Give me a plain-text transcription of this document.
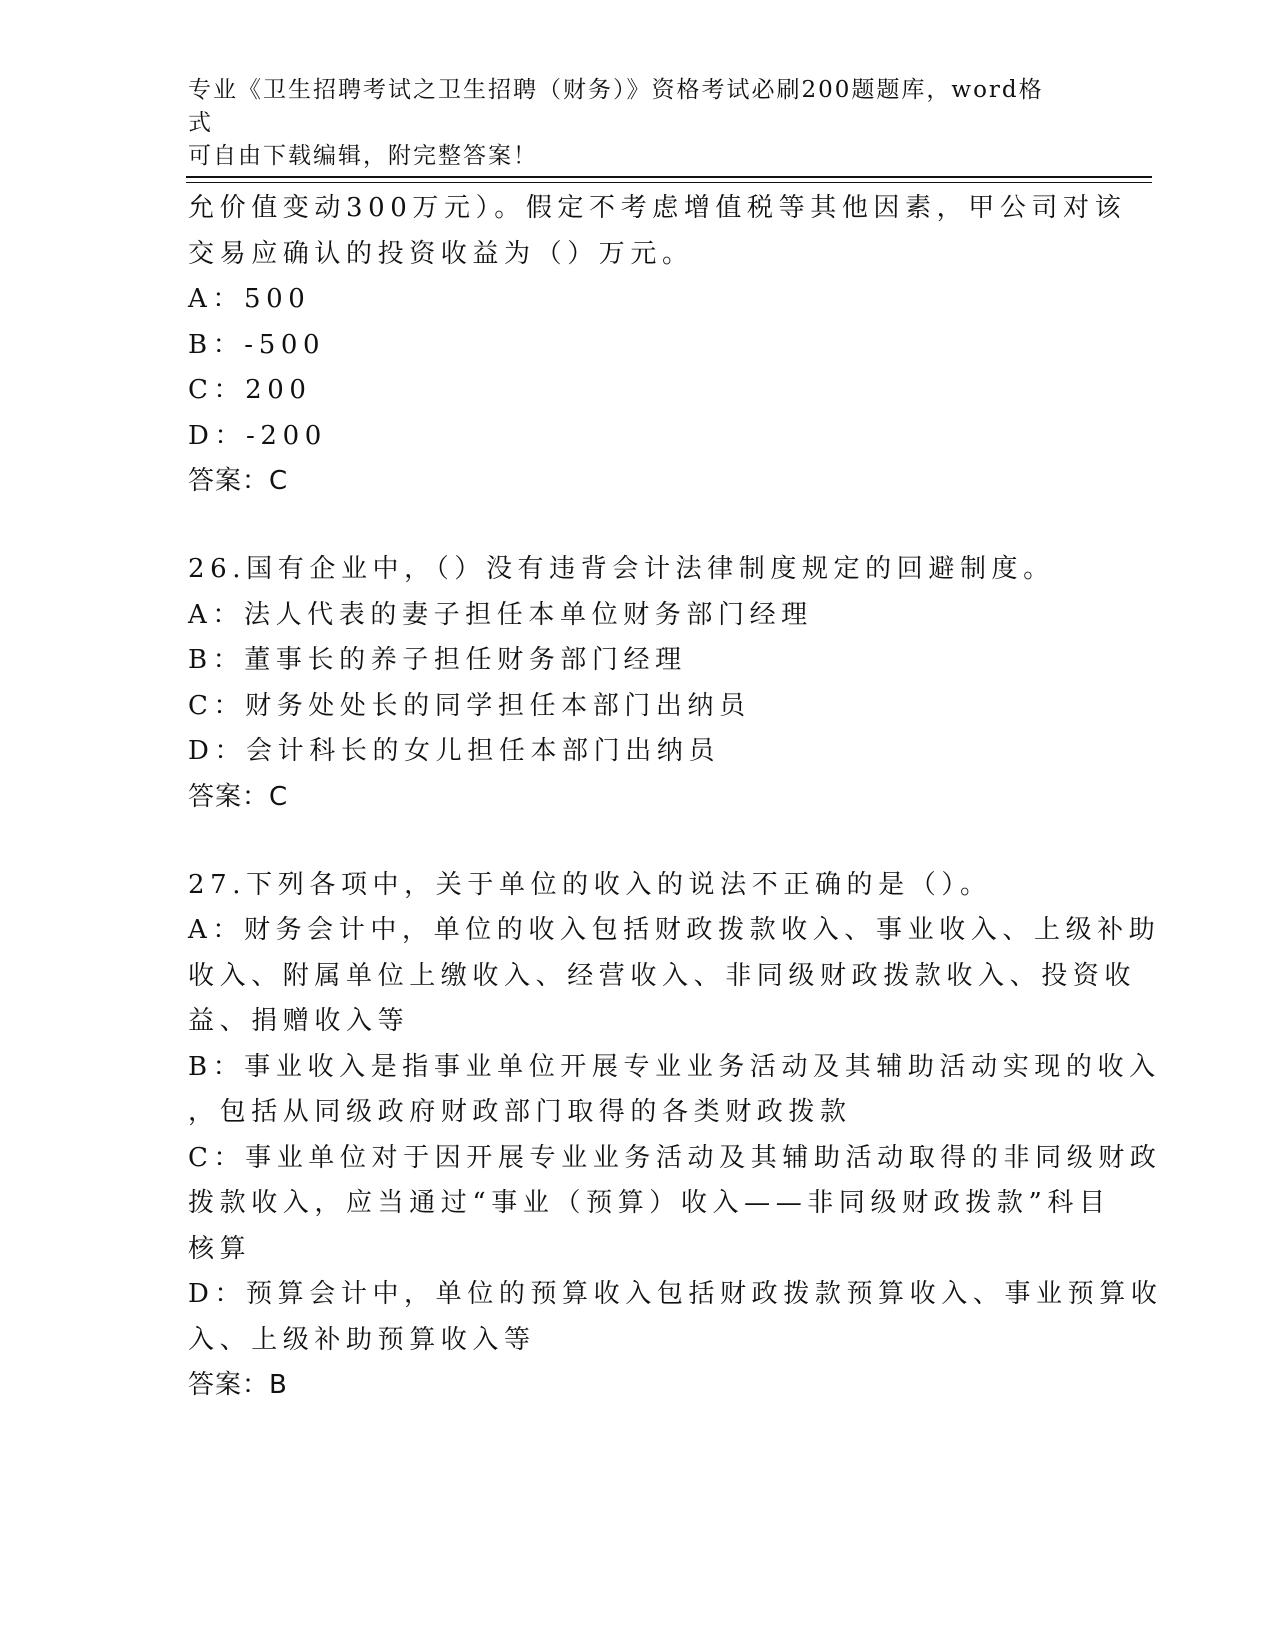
专业《卫生招聘考试之卫生招聘（财务）》资格考试必刷200题题库，word格式
可自由下载编辑，附完整答案！
允价值变动300万元）。假定不考虑增值税等其他因素，甲公司对该
交易应确认的投资收益为（）万元。
A：500
B：-500
C：200
D：-200
答案：C
26.国有企业中，（）没有违背会计法律制度规定的回避制度。
A：法人代表的妻子担任本单位财务部门经理
B：董事长的养子担任财务部门经理
C：财务处处长的同学担任本部门出纳员
D：会计科长的女儿担任本部门出纳员
答案：C
27.下列各项中，关于单位的收入的说法不正确的是（）。
A：财务会计中，单位的收入包括财政拨款收入、事业收入、上级补助
收入、附属单位上缴收入、经营收入、非同级财政拨款收入、投资收
益、捐赠收入等
B：事业收入是指事业单位开展专业业务活动及其辅助活动实现的收入
，包括从同级政府财政部门取得的各类财政拨款
C：事业单位对于因开展专业业务活动及其辅助活动取得的非同级财政
拨款收入，应当通过“事业（预算）收入——非同级财政拨款”科目
核算
D：预算会计中，单位的预算收入包括财政拨款预算收入、事业预算收
入、上级补助预算收入等
答案：B
